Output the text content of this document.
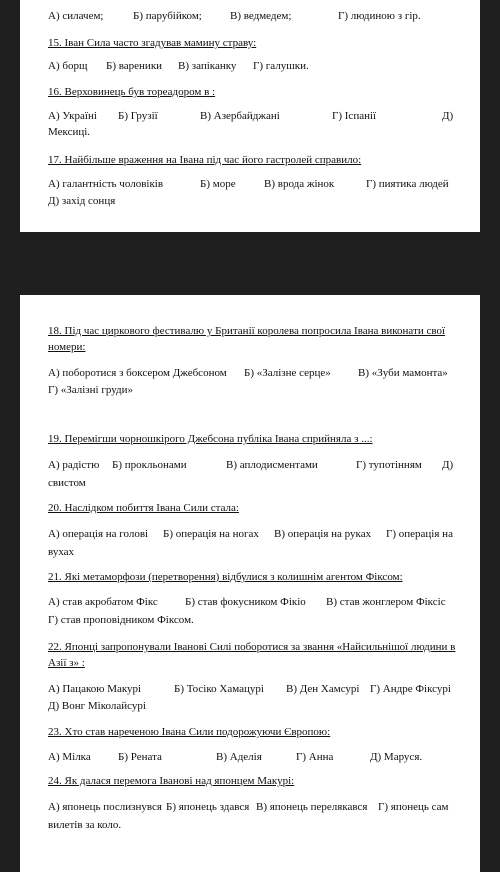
А) силачем;	Б) парубійком;	В) ведмедем;	Г) людиною з гір.
15. Іван Сила часто згадував мамину страву:
А) борщ Б) вареники В) запіканку Г) галушки.
16. Верховинець був тореадором в :
А) Україні Б) Грузії	В) Азербайджані	Г) Іспанії	Д)
Мексиці.
17. Найбільше враження на Івана під час його гастролей справило:
А) галантність чоловіків	Б) море	В) врода жінок	Г) пиятика людей
Д) захід сонця
18. Під час циркового фестивалю у Британії королева попросила Івана виконати свої номери:
А) поборотися з боксером Джебсоном Б) «Залізне серце» В) «Зуби мамонта»
Г) «Залізні груди»
19. Перемігши чорношкірого Джебсона публіка Івана сприйняла з ...:
А) радістю Б) прокльонами	В) аплодисментами	Г) тупотінням Д)
свистом
20. Наслідком побиття Івана Сили стала:
А) операція на голові Б) операція на ногах В) операція на руках Г) операція на
вухах
21. Які метаморфози (перетворення) відбулися з колишнім агентом Фіксом:
А) став акробатом Фікс Б) став фокусником Фікіо В) став жонглером Фіксіс
Г) став проповідником Фіксом.
22. Японці запропонували Іванові Силі поборотися за звання «Найсильнішої людини в Азії з» :
А) Пацакою Макурі	Б) Тосіко Хамацурі В) Ден Хамсурі Г) Андре Фіксурі
Д) Вонг Міколайсурі
23. Хто став нареченою Івана Сили подорожуючи Європою:
А) Мілка Б) Рената	В) Аделія	Г) Анна	Д) Маруся.
24. Як далася перемога Іванові над японцем Макурі:
А) японець послизнувся Б) японець здався В) японець перелякався Г) японець сам
вилетів за коло.
